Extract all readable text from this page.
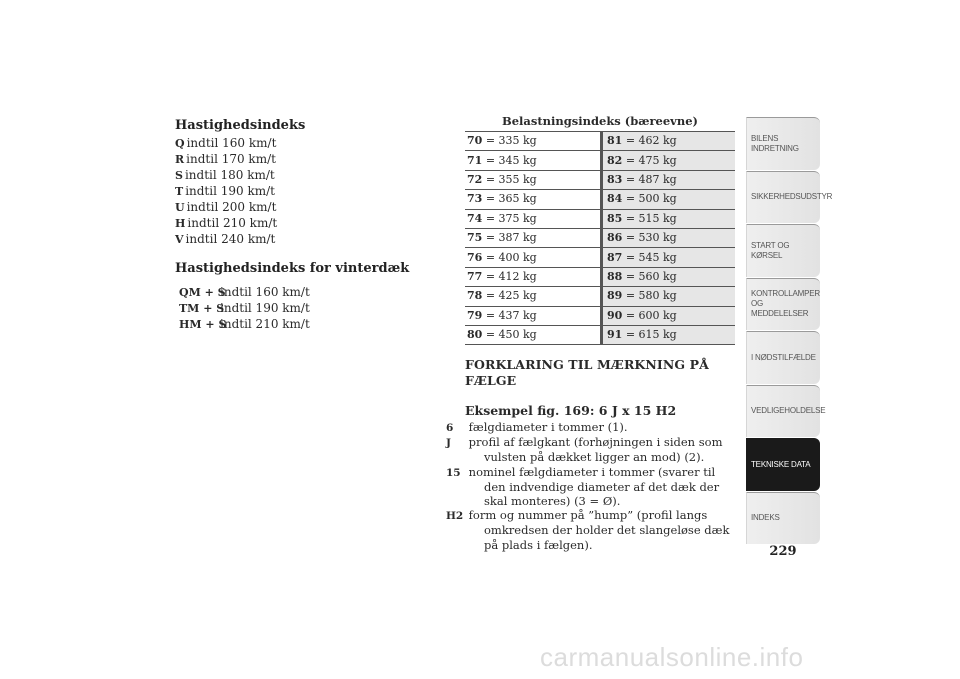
Hastighedsindeks

Q indtil 160 km/t
R indtil 170 km/t
S indtil 180 km/t
T indtil 190 km/t
U indtil 200 km/t
H indtil 210 km/t
V indtil 240 km/t

Hastighedsindeks for vinterdæk

QM + Sindtil 160 km/t
TM + Sindtil 190 km/t
HM + Sindtil 210 km/t
Belastningsindeks (bæreevne)
70 = 335 kg	81 = 462 kg
71 = 345 kg	82 = 475 kg
72 = 355 kg	83 = 487 kg
73 = 365 kg	84 = 500 kg
74 = 375 kg	85 = 515 kg
75 = 387 kg	86 = 530 kg
76 = 400 kg	87 = 545 kg
77 = 412 kg	88 = 560 kg
78 = 425 kg	89 = 580 kg
79 = 437 kg	90 = 600 kg
80 = 450 kg	91 = 615 kg
FORKLARING TIL MÆRKNING PÅ FÆLGE
Eksempel fig. 169: 6 J x 15 H2

6 fælgdiameter i tommer (1).

J profil af fælgkant (forhøjningen i siden som vulsten på dækket ligger an mod) (2).

15 nominel fælgdiameter i tommer (svarer til den indvendige diameter af det dæk der skal monteres) (3 = Ø).

H2 form og nummer på ”hump” (profil langs omkredsen der holder det slangeløse dæk på plads i fælgen).

BILENS INDRETNING
SIKKERHEDSUDSTYR
START OG KØRSEL
KONTROLLAMPER OG MEDDELELSER
I NØDSTILFÆLDE
VEDLIGEHOLDELSE
TEKNISKE DATA
INDEKS
229
carmanualsonline.info
